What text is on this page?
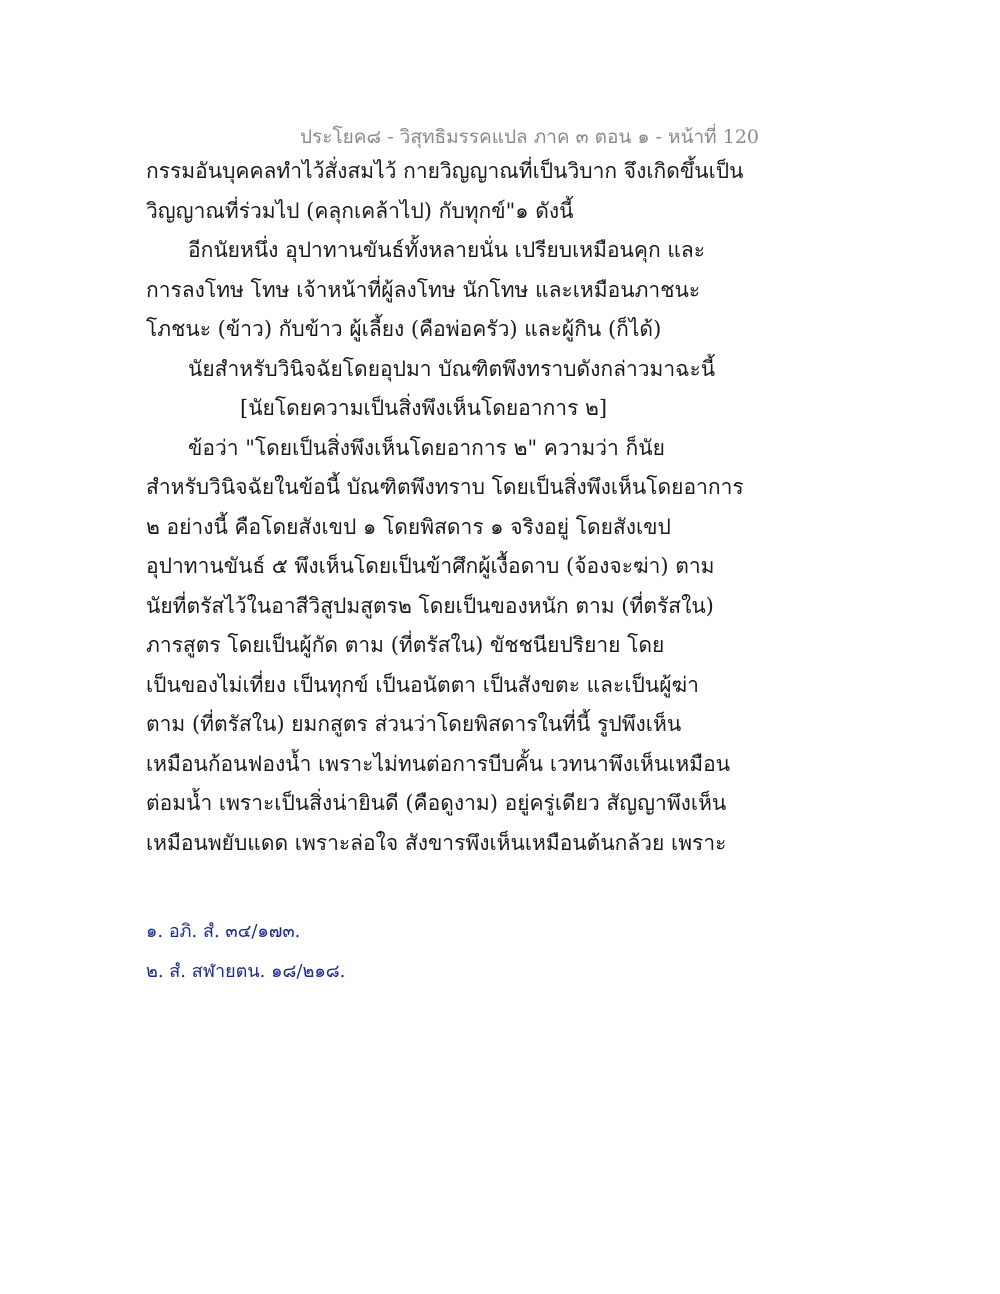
ประโยค๘ - วิสุทธิมรรคแปล ภาค ๓ ตอน ๑ - หน้าที่ 120
กรรมอันบุคคลทำไว้สั่งสมไว้ กายวิญญาณที่เป็นวิบาก จึงเกิดขึ้นเป็น
วิญญาณที่ร่วมไป (คลุกเคล้าไป) กับทุกข์"๑ ดังนี้
อีกนัยหนึ่ง อุปาทานขันธ์ทั้งหลายนั่น เปรียบเหมือนคุก และ
การลงโทษ โทษ เจ้าหน้าที่ผู้ลงโทษ นักโทษ และเหมือนภาชนะ
โภชนะ (ข้าว) กับข้าว ผู้เลี้ยง (คือพ่อครัว) และผู้กิน (ก็ได้)
นัยสำหรับวินิจฉัยโดยอุปมา บัณฑิตพึงทราบดังกล่าวมาฉะนี้
[นัยโดยความเป็นสิ่งพึงเห็นโดยอาการ ๒]
ข้อว่า "โดยเป็นสิ่งพึงเห็นโดยอาการ ๒" ความว่า ก็นัย
สำหรับวินิจฉัยในข้อนี้ บัณฑิตพึงทราบ โดยเป็นสิ่งพึงเห็นโดยอาการ
๒ อย่างนี้ คือโดยสังเขป ๑ โดยพิสดาร ๑ จริงอยู่ โดยสังเขป
อุปาทานขันธ์ ๕ พึงเห็นโดยเป็นข้าศึกผู้เงื้อดาบ (จ้องจะฆ่า) ตาม
นัยที่ตรัสไว้ในอาสีวิสูปมสูตร๒ โดยเป็นของหนัก ตาม (ที่ตรัสใน)
ภารสูตร โดยเป็นผู้กัด ตาม (ที่ตรัสใน) ขัชชนียปริยาย โดย
เป็นของไม่เที่ยง เป็นทุกข์ เป็นอนัตตา เป็นสังขตะ และเป็นผู้ฆ่า
ตาม (ที่ตรัสใน) ยมกสูตร ส่วนว่าโดยพิสดารในที่นี้ รูปพึงเห็น
เหมือนก้อนฟองน้ำ เพราะไม่ทนต่อการบีบคั้น เวทนาพึงเห็นเหมือน
ต่อมน้ำ เพราะเป็นสิ่งน่ายินดี (คือดูงาม) อยู่ครู่เดียว สัญญาพึงเห็น
เหมือนพยับแดด เพราะล่อใจ สังขารพึงเห็นเหมือนต้นกล้วย เพราะ
๑. อภิ. สํ. ๓๔/๑๗๓.
๒. สํ. สฬายตน. ๑๘/๒๑๘.
